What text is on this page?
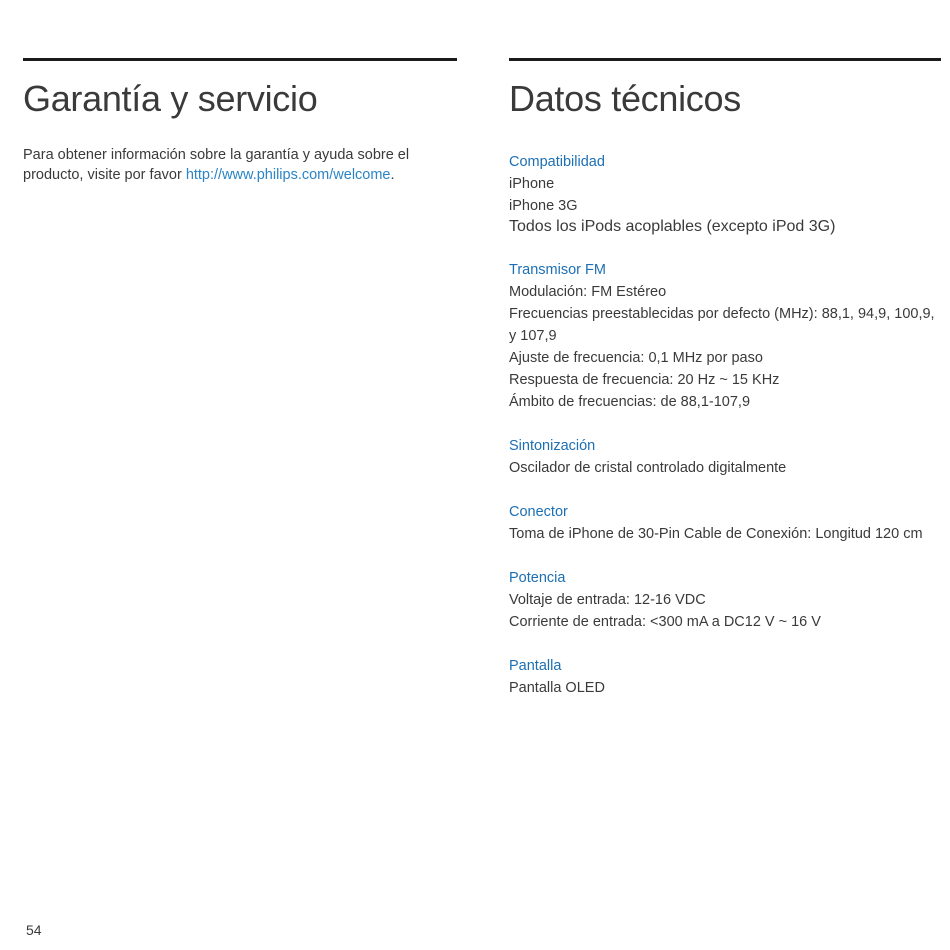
Garantía y servicio
Para obtener información sobre la garantía y ayuda sobre el producto, visite por favor http://www.philips.com/welcome.
Datos técnicos
Compatibilidad
iPhone
iPhone 3G
Todos los iPods acoplables (excepto iPod 3G)
Transmisor FM
Modulación: FM Estéreo
Frecuencias preestablecidas por defecto (MHz): 88,1, 94,9, 100,9, y 107,9
Ajuste de frecuencia: 0,1 MHz por paso
Respuesta de frecuencia: 20 Hz ~ 15 KHz
Ámbito de frecuencias: de 88,1-107,9
Sintonización
Oscilador de cristal controlado digitalmente
Conector
Toma de iPhone de 30-Pin Cable de Conexión: Longitud 120 cm
Potencia
Voltaje de entrada: 12-16 VDC
Corriente de entrada: <300 mA a DC12 V ~ 16 V
Pantalla
Pantalla OLED
54
